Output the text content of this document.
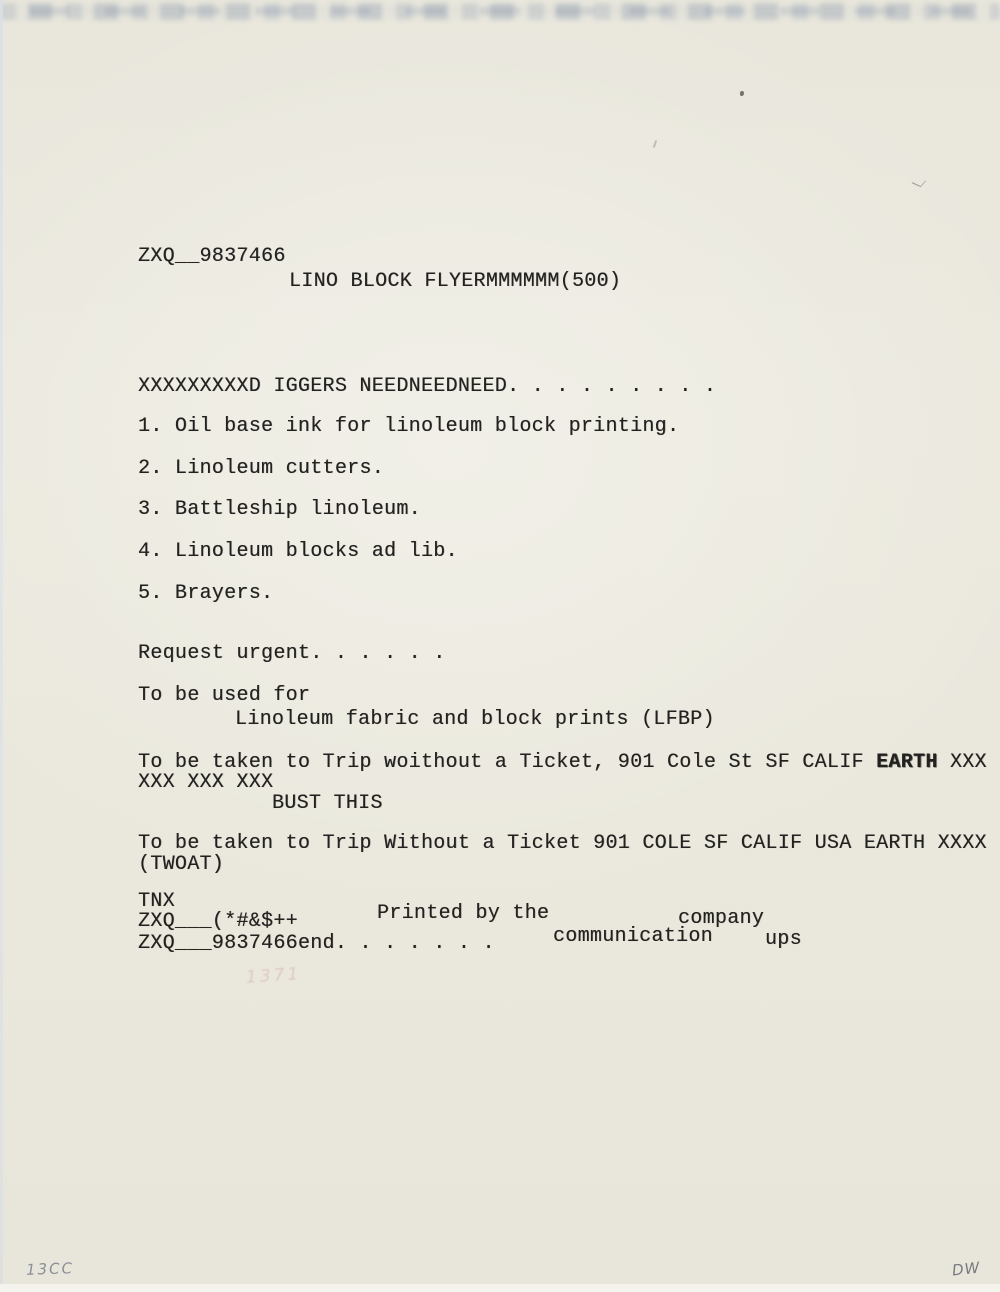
ZXQ__9837466
LINO BLOCK FLYERMMMMMM(500)
XXXXXXXXXD IGGERS NEEDNEEDNEED. . . . . . . . .
1. Oil base ink for linoleum block printing.
2. Linoleum cutters.
3. Battleship linoleum.
4. Linoleum blocks ad lib.
5. Brayers.
Request urgent. . . . . .
To be used for
Linoleum fabric and block prints (LFBP)
To be taken to Trip woithout a Ticket, 901 Cole St SF CALIF EARTH XXX
XXX XXX XXX
BUST THIS
To be taken to Trip Without a Ticket 901 COLE SF CALIF USA EARTH XXXX
(TWOAT)
TNX
ZXQ___(*#&$++	Printed by the	company
ZXQ___9837466end. . . . . . .	communication	ups
1371
13CC	DW
